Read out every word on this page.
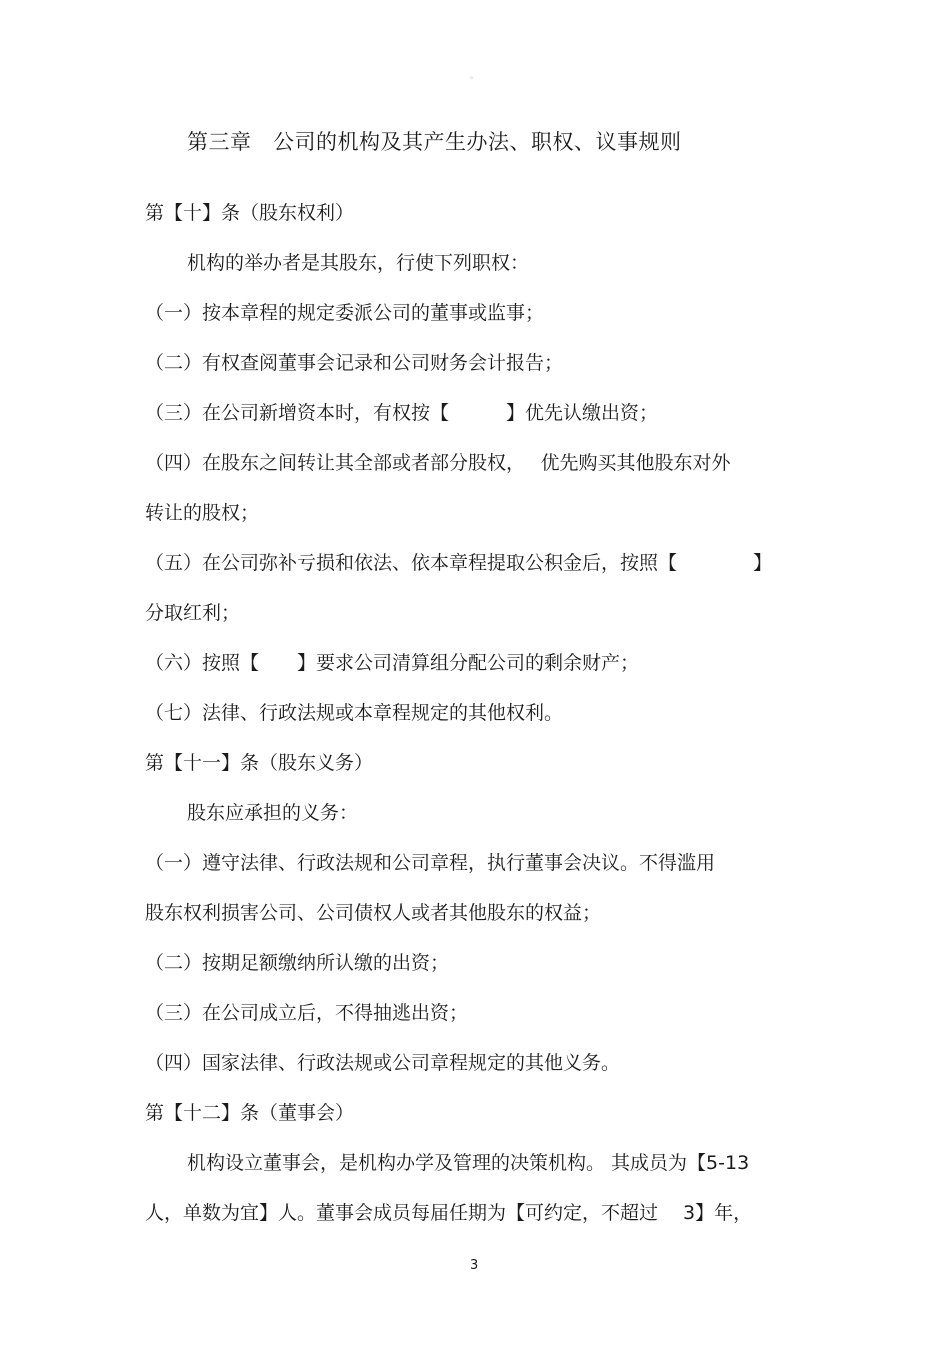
。
第三章　公司的机构及其产生办法、职权、议事规则
第【十】条（股东权利）
机构的举办者是其股东，行使下列职权：
（一）按本章程的规定委派公司的董事或监事；
（二）有权查阅董事会记录和公司财务会计报告；
（三）在公司新增资本时，有权按【　　　】优先认缴出资；
（四）在股东之间转让其全部或者部分股权，　 优先购买其他股东对外
转让的股权；
（五）在公司弥补亏损和依法、依本章程提取公积金后，按照【　　　　】
分取红利；
（六）按照【　　】要求公司清算组分配公司的剩余财产；
（七）法律、行政法规或本章程规定的其他权利。
第【十一】条（股东义务）
股东应承担的义务：
（一）遵守法律、行政法规和公司章程，执行董事会决议。不得滥用
股东权利损害公司、公司债权人或者其他股东的权益；
（二）按期足额缴纳所认缴的出资；
（三）在公司成立后，不得抽逃出资；
（四）国家法律、行政法规或公司章程规定的其他义务。
第【十二】条（董事会）
机构设立董事会，是机构办学及管理的决策机构。 其成员为【5-13
人，单数为宜】人。董事会成员每届任期为【可约定，不超过　 3】年，
3
